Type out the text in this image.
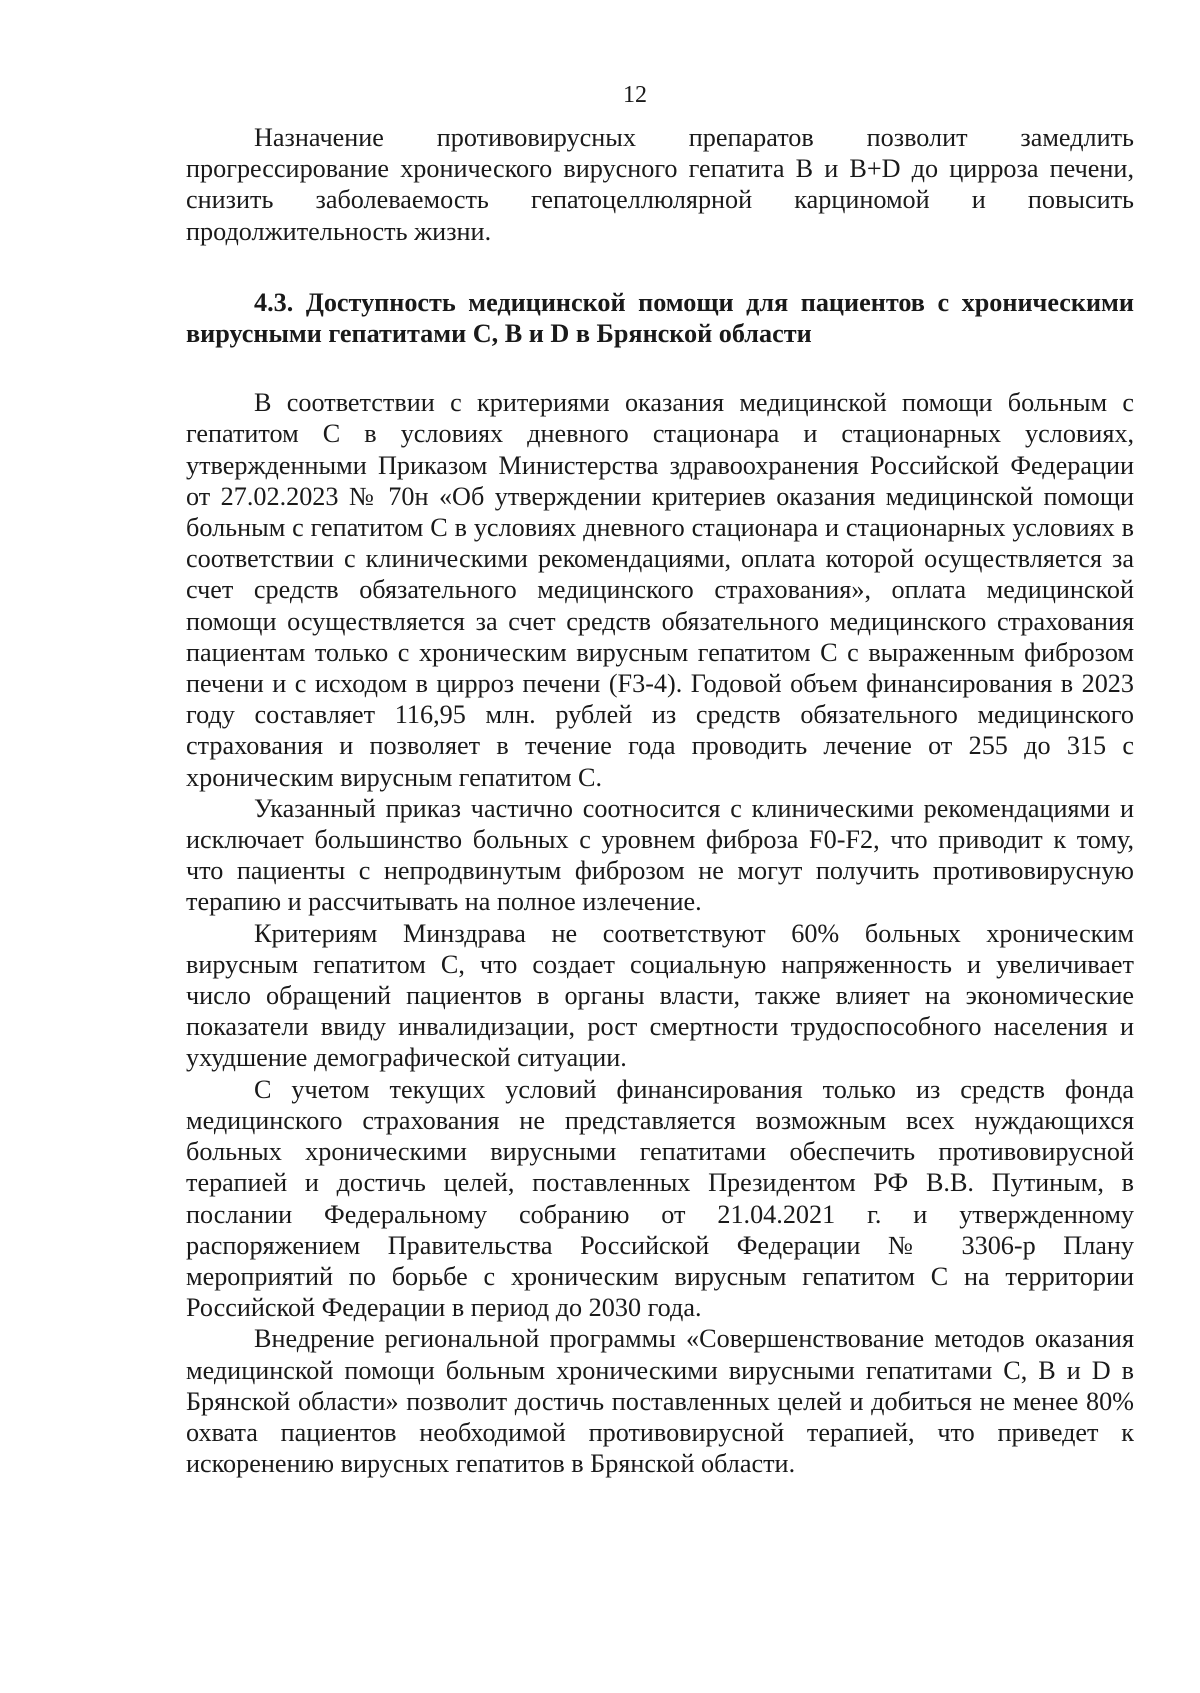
12

Назначение противовирусных препаратов позволит замедлить прогрессирование хронического вирусного гепатита В и В+D до цирроза печени, снизить заболеваемость гепатоцеллюлярной карциномой и повысить продолжительность жизни.

4.3. Доступность медицинской помощи для пациентов с хроническими вирусными гепатитами С, В и D в Брянской области

В соответствии с критериями оказания медицинской помощи больным с гепатитом С в условиях дневного стационара и стационарных условиях, утвержденными Приказом Министерства здравоохранения Российской Федерации от 27.02.2023 № 70н «Об утверждении критериев оказания медицинской помощи больным с гепатитом С в условиях дневного стационара и стационарных условиях в соответствии с клиническими рекомендациями, оплата которой осуществляется за счет средств обязательного медицинского страхования», оплата медицинской помощи осуществляется за счет средств обязательного медицинского страхования пациентам только с хроническим вирусным гепатитом С с выраженным фиброзом печени и с исходом в цирроз печени (F3-4). Годовой объем финансирования в 2023 году составляет 116,95 млн. рублей из средств обязательного медицинского страхования и позволяет в течение года проводить лечение от 255 до 315 с хроническим вирусным гепатитом С.

Указанный приказ частично соотносится с клиническими рекомендациями и исключает большинство больных с уровнем фиброза F0-F2, что приводит к тому, что пациенты с непродвинутым фиброзом не могут получить противовирусную терапию и рассчитывать на полное излечение.

Критериям Минздрава не соответствуют 60% больных хроническим вирусным гепатитом С, что создает социальную напряженность и увеличивает число обращений пациентов в органы власти, также влияет на экономические показатели ввиду инвалидизации, рост смертности трудоспособного населения и ухудшение демографической ситуации.

С учетом текущих условий финансирования только из средств фонда медицинского страхования не представляется возможным всех нуждающихся больных хроническими вирусными гепатитами обеспечить противовирусной терапией и достичь целей, поставленных Президентом РФ В.В. Путиным, в послании Федеральному собранию от 21.04.2021 г. и утвержденному распоряжением Правительства Российской Федерации № 3306-р Плану мероприятий по борьбе с хроническим вирусным гепатитом С на территории Российской Федерации в период до 2030 года.

Внедрение региональной программы «Совершенствование методов оказания медицинской помощи больным хроническими вирусными гепатитами С, В и D в Брянской области» позволит достичь поставленных целей и добиться не менее 80% охвата пациентов необходимой противовирусной терапией, что приведет к искоренению вирусных гепатитов в Брянской области.
